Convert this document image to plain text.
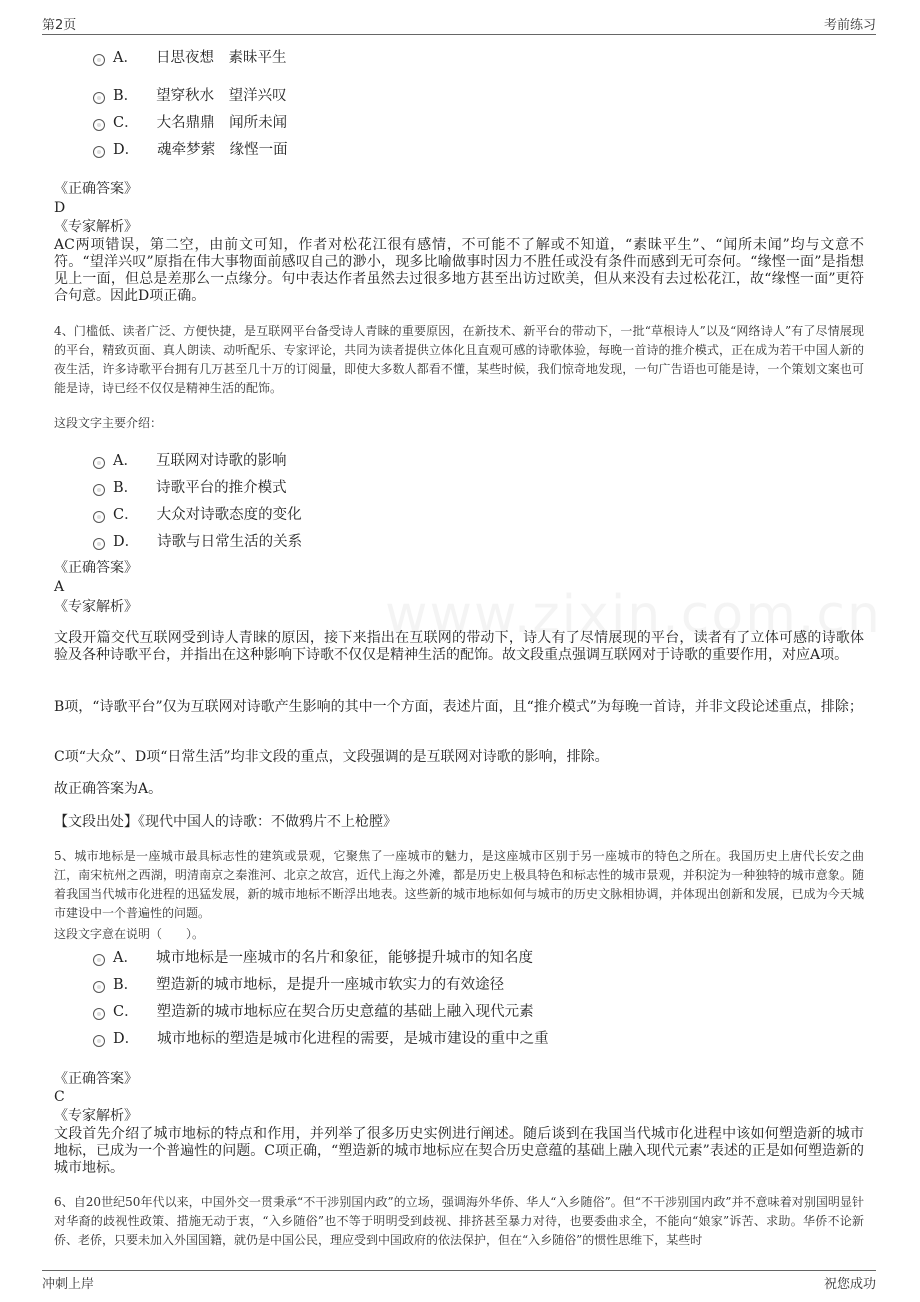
第2页	考前练习
A． 日思夜想　素昧平生
B． 望穿秋水　望洋兴叹
C． 大名鼎鼎　闻所未闻
D． 魂牵梦萦　缘悭一面
《正确答案》
D
《专家解析》
AC两项错误，第二空，由前文可知，作者对松花江很有感情，不可能不了解或不知道，“素昧平生”、“闻所未闻”均与文意不符。“望洋兴叹”原指在伟大事物面前感叹自己的渺小，现多比喻做事时因力不胜任或没有条件而感到无可奈何。“缘悭一面”是指想见上一面，但总是差那么一点缘分。句中表达作者虽然去过很多地方甚至出访过欧美，但从来没有去过松花江，故“缘悭一面”更符合句意。因此D项正确。
4、门槛低、读者广泛、方便快捷，是互联网平台备受诗人青睐的重要原因，在新技术、新平台的带动下，一批“草根诗人”以及“网络诗人”有了尽情展现的平台，精致页面、真人朗读、动听配乐、专家评论，共同为读者提供立体化且直观可感的诗歌体验，每晚一首诗的推介模式，正在成为若干中国人新的夜生活，许多诗歌平台拥有几万甚至几十万的订阅量，即使大多数人都看不懂，某些时候，我们惊奇地发现，一句广告语也可能是诗，一个策划文案也可能是诗，诗已经不仅仅是精神生活的配饰。
这段文字主要介绍：
A． 互联网对诗歌的影响
B． 诗歌平台的推介模式
C． 大众对诗歌态度的变化
D． 诗歌与日常生活的关系
《正确答案》
A
《专家解析》
文段开篇交代互联网受到诗人青睐的原因，接下来指出在互联网的带动下，诗人有了尽情展现的平台，读者有了立体可感的诗歌体验及各种诗歌平台，并指出在这种影响下诗歌不仅仅是精神生活的配饰。故文段重点强调互联网对于诗歌的重要作用，对应A项。
B项，“诗歌平台”仅为互联网对诗歌产生影响的其中一个方面，表述片面，且“推介模式”为每晚一首诗，并非文段论述重点，排除；
C项“大众”、D项“日常生活”均非文段的重点，文段强调的是互联网对诗歌的影响，排除。
故正确答案为A。
【文段出处】《现代中国人的诗歌：不做鸦片不上枪膛》
5、城市地标是一座城市最具标志性的建筑或景观，它聚焦了一座城市的魅力，是这座城市区别于另一座城市的特色之所在。我国历史上唐代长安之曲江，南宋杭州之西湖，明清南京之秦淮河、北京之故宫，近代上海之外滩，都是历史上极具特色和标志性的城市景观，并积淀为一种独特的城市意象。随着我国当代城市化进程的迅猛发展，新的城市地标不断浮出地表。这些新的城市地标如何与城市的历史文脉相协调，并体现出创新和发展，已成为今天城市建设中一个普遍性的问题。
这段文字意在说明（　　）。
A． 城市地标是一座城市的名片和象征，能够提升城市的知名度
B． 塑造新的城市地标，是提升一座城市软实力的有效途径
C． 塑造新的城市地标应在契合历史意蕴的基础上融入现代元素
D． 城市地标的塑造是城市化进程的需要，是城市建设的重中之重
《正确答案》
C
《专家解析》
文段首先介绍了城市地标的特点和作用，并列举了很多历史实例进行阐述。随后谈到在我国当代城市化进程中该如何塑造新的城市地标，已成为一个普遍性的问题。C项正确，“塑造新的城市地标应在契合历史意蕴的基础上融入现代元素”表述的正是如何塑造新的城市地标。
6、自20世纪50年代以来，中国外交一贯秉承“不干涉别国内政”的立场，强调海外华侨、华人“入乡随俗”。但“不干涉别国内政”并不意味着对别国明显针对华裔的歧视性政策、措施无动于衷，“入乡随俗”也不等于明明受到歧视、排挤甚至暴力对待，也要委曲求全，不能向“娘家”诉苦、求助。华侨不论新侨、老侨，只要未加入外国国籍，就仍是中国公民，理应受到中国政府的依法保护，但在“入乡随俗”的惯性思维下，某些时
冲刺上岸	祝您成功
